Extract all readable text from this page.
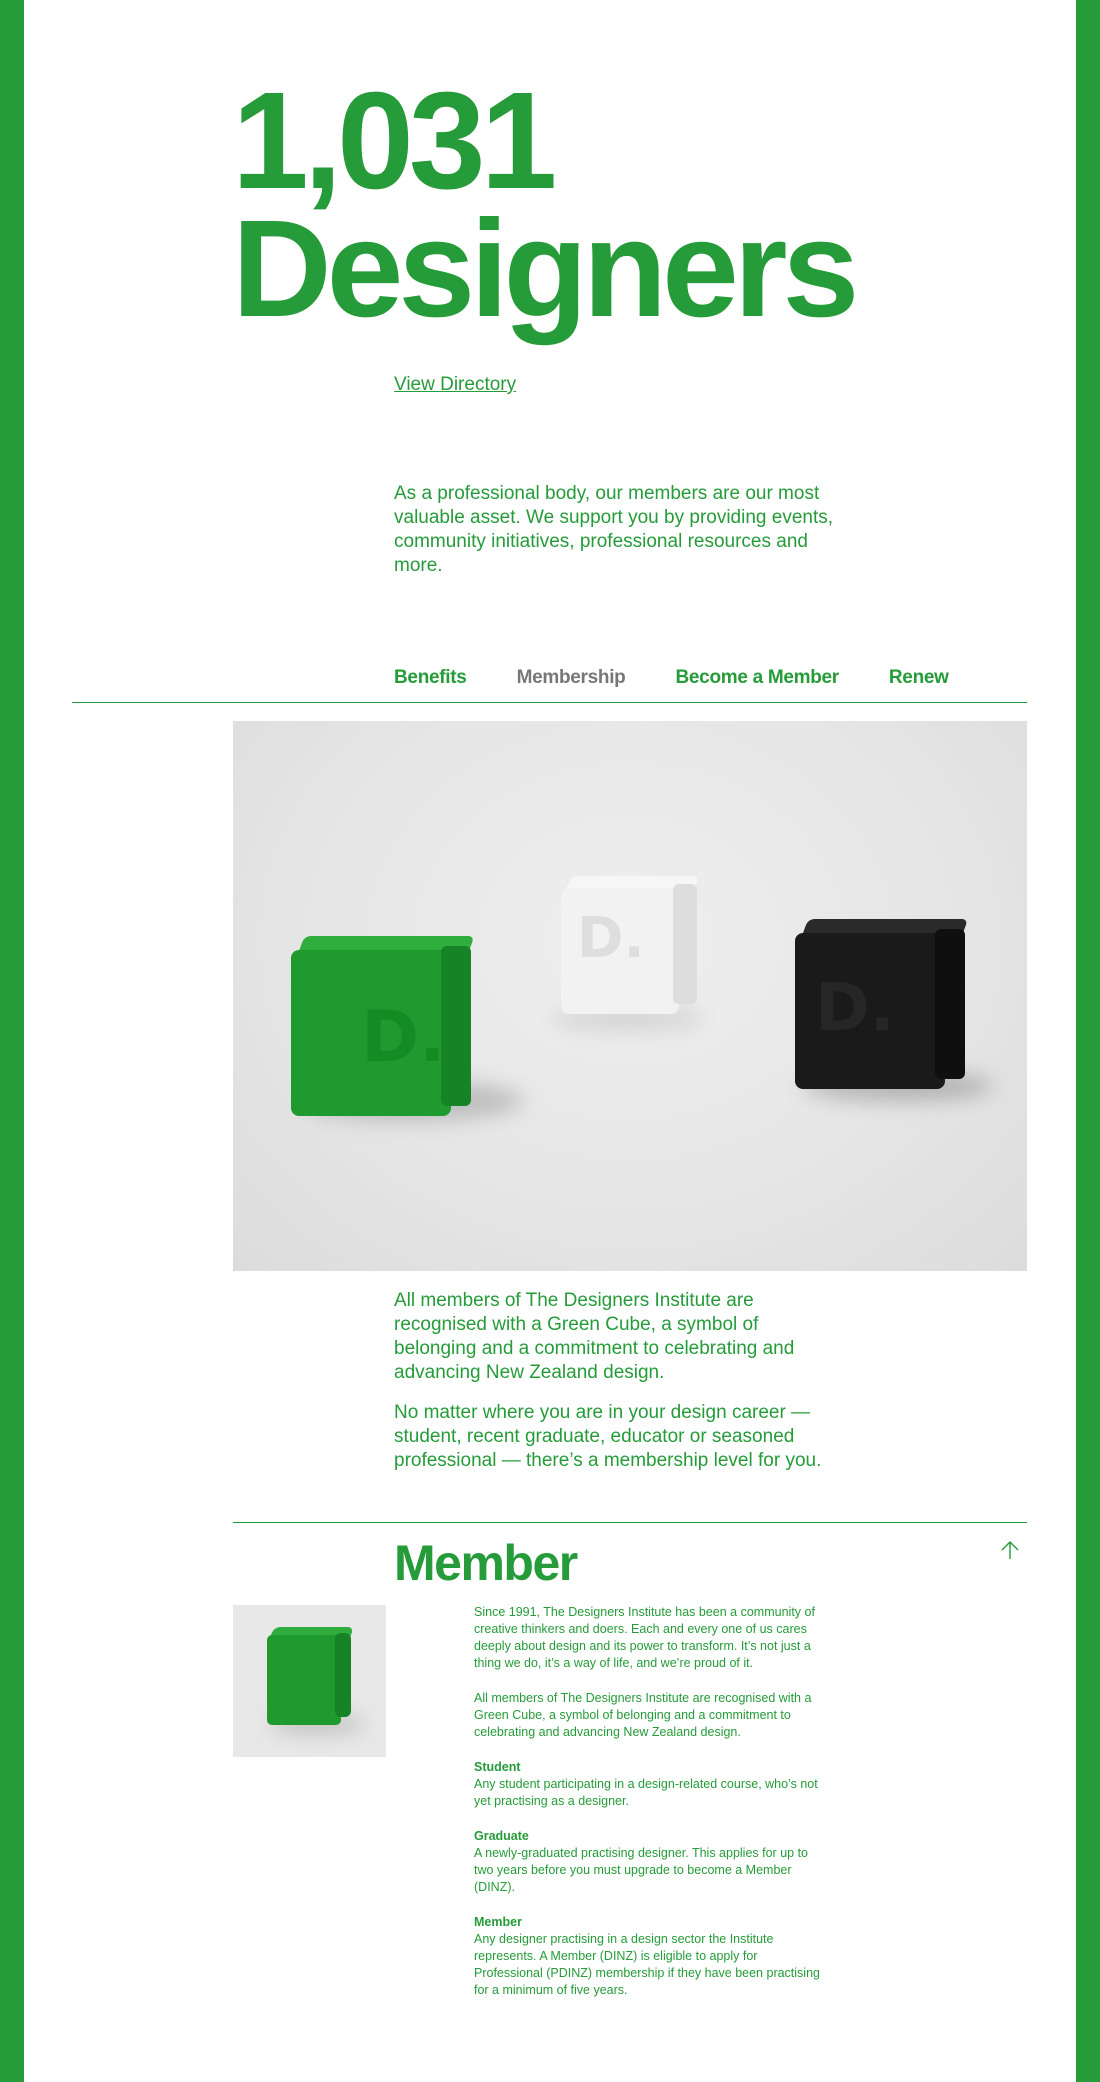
1,031
Designers
View Directory

As a professional body, our members are our most valuable asset. We support you by providing events, community initiatives, professional resources and more.

Benefits	Membership	Become a Member	Renew
D.
D.
D.

All members of The Designers Institute are recognised with a Green Cube, a symbol of belonging and a commitment to celebrating and advancing New Zealand design.

No matter where you are in your design career — student, recent graduate, educator or seasoned professional — there’s a membership level for you.

Member

Since 1991, The Designers Institute has been a community of creative thinkers and doers. Each and every one of us cares deeply about design and its power to transform. It’s not just a thing we do, it’s a way of life, and we’re proud of it.

All members of The Designers Institute are recognised with a Green Cube, a symbol of belonging and a commitment to celebrating and advancing New Zealand design.

Student
Any student participating in a design-related course, who’s not yet practising as a designer.

Graduate
A newly-graduated practising designer. This applies for up to two years before you must upgrade to become a Member (DINZ).

Member
Any designer practising in a design sector the Institute represents. A Member (DINZ) is eligible to apply for Professional (PDINZ) membership if they have been practising for a minimum of five years.
